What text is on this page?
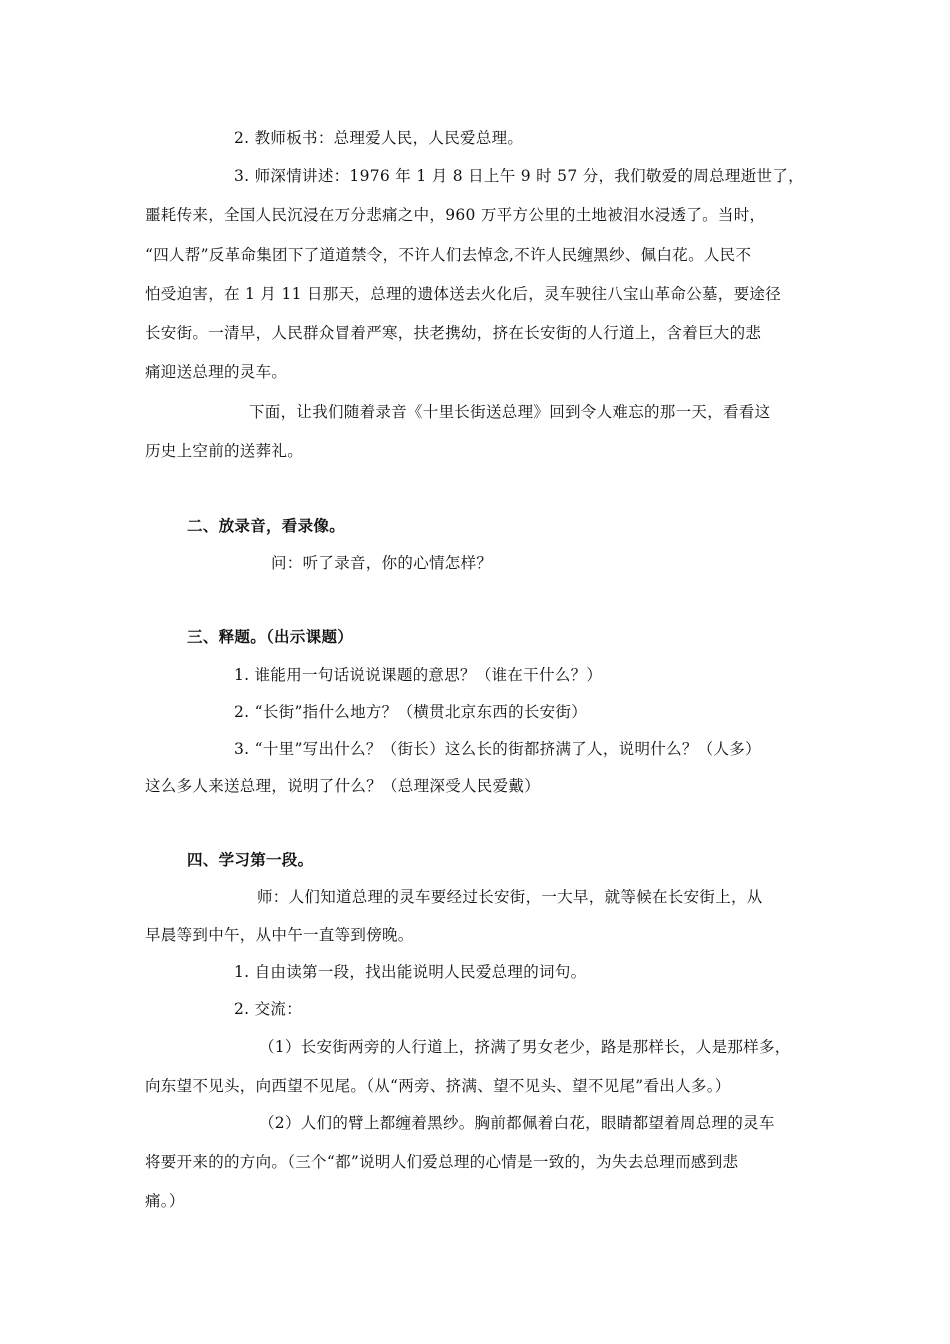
2. 教师板书：总理爱人民，人民爱总理。
3. 师深情讲述：1976 年 1 月 8 日上午 9 时 57 分，我们敬爱的周总理逝世了，
噩耗传来，全国人民沉浸在万分悲痛之中，960 万平方公里的土地被泪水浸透了。当时，
“四人帮”反革命集团下了道道禁令，不许人们去悼念,不许人民缠黑纱、佩白花。人民不
怕受迫害，在 1 月 11 日那天，总理的遗体送去火化后，灵车驶往八宝山革命公墓，要途径
长安街。一清早，人民群众冒着严寒，扶老携幼，挤在长安街的人行道上，含着巨大的悲
痛迎送总理的灵车。
下面，让我们随着录音《十里长街送总理》回到令人难忘的那一天，看看这
历史上空前的送葬礼。
二、放录音，看录像。
问：听了录音，你的心情怎样？
三、释题。（出示课题）
1. 谁能用一句话说说课题的意思？（谁在干什么？）
2. “长街”指什么地方？（横贯北京东西的长安街）
3. “十里”写出什么？（街长）这么长的街都挤满了人，说明什么？（人多）
这么多人来送总理，说明了什么？（总理深受人民爱戴）
四、学习第一段。
师：人们知道总理的灵车要经过长安街，一大早，就等候在长安街上，从
早晨等到中午，从中午一直等到傍晚。
1. 自由读第一段，找出能说明人民爱总理的词句。
2. 交流：
（1）长安街两旁的人行道上，挤满了男女老少，路是那样长，人是那样多，
向东望不见头，向西望不见尾。（从“两旁、挤满、望不见头、望不见尾”看出人多。）
（2）人们的臂上都缠着黑纱。胸前都佩着白花，眼睛都望着周总理的灵车
将要开来的的方向。（三个“都”说明人们爱总理的心情是一致的，为失去总理而感到悲
痛。）
